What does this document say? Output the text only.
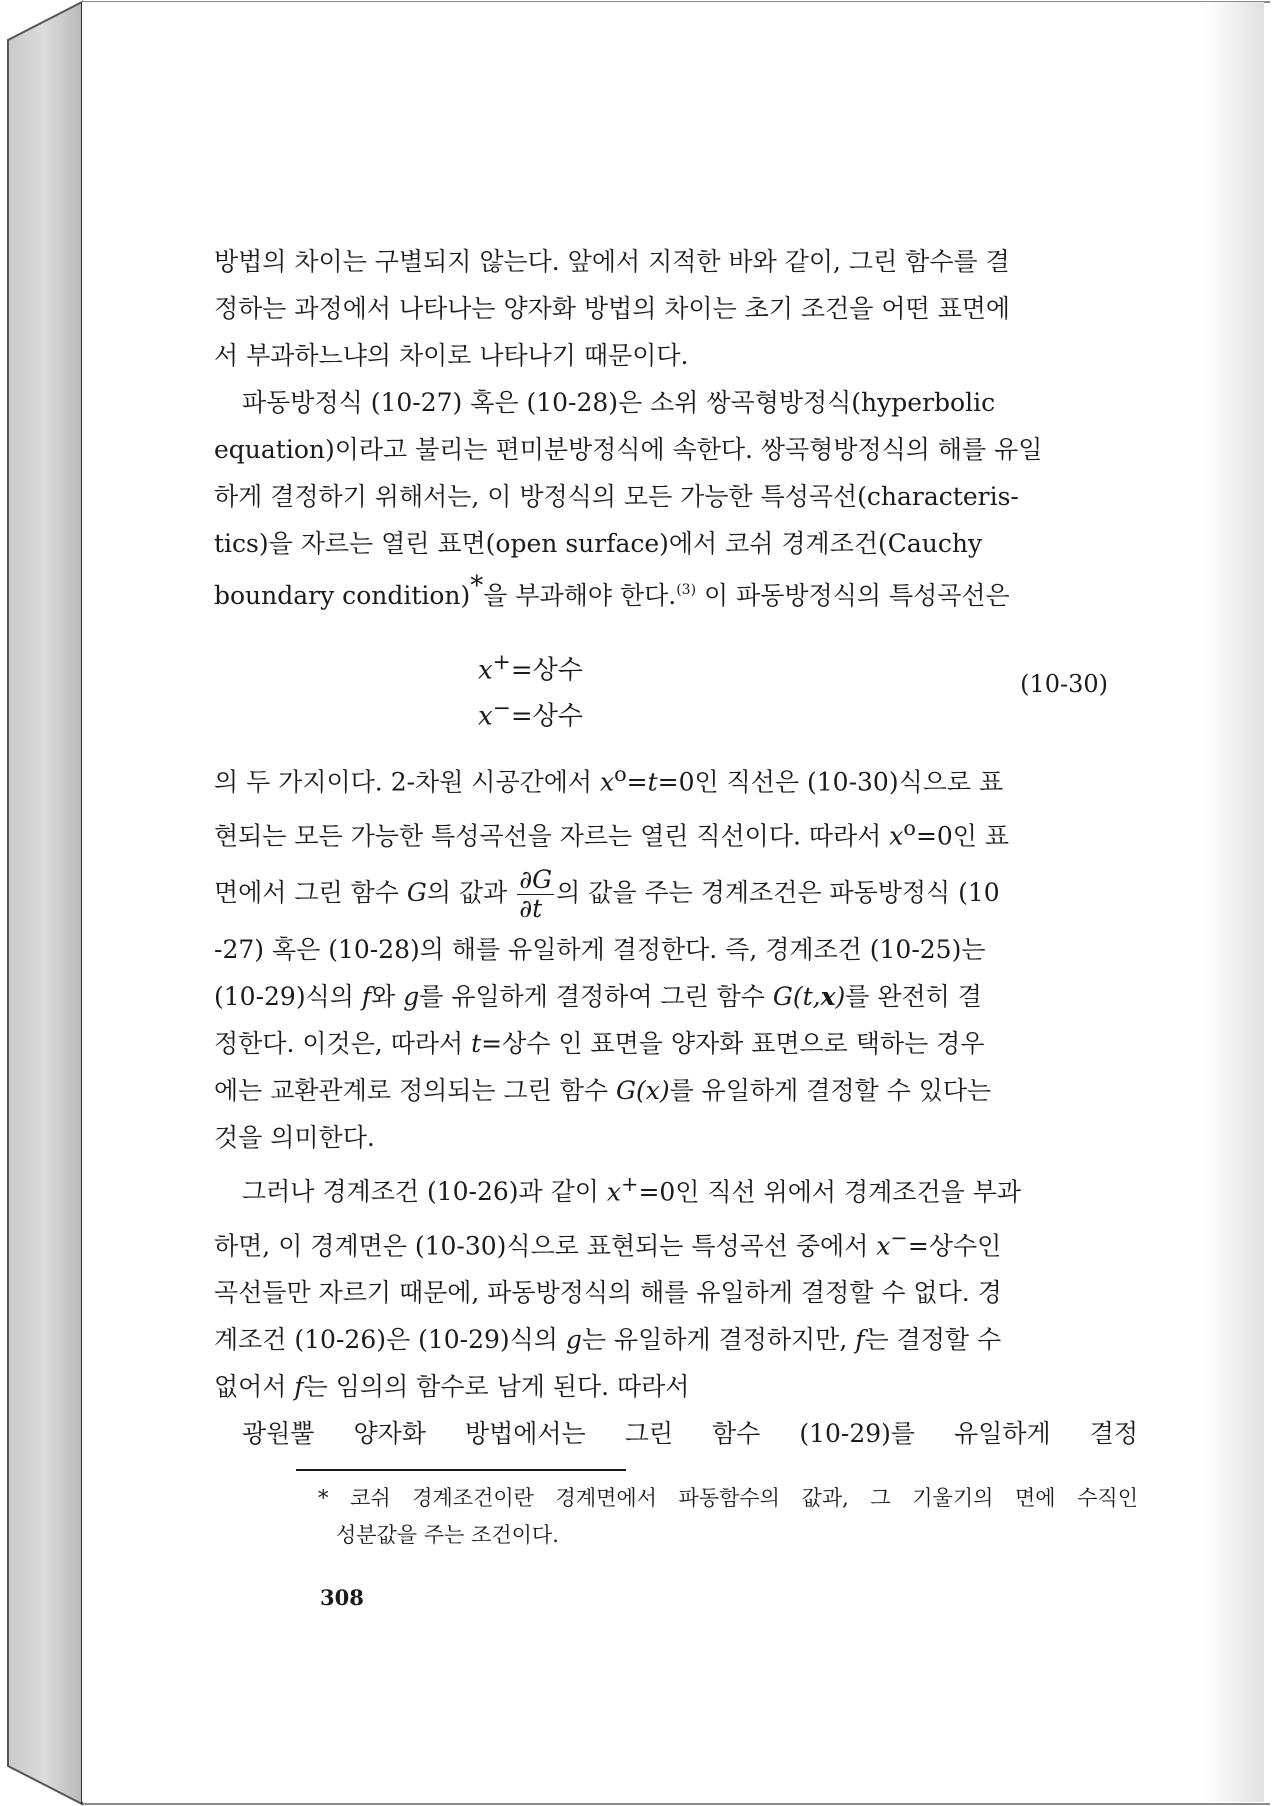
방법의 차이는 구별되지 않는다. 앞에서 지적한 바와 같이, 그린 함수를 결
정하는 과정에서 나타나는 양자화 방법의 차이는 초기 조건을 어떤 표면에
서 부과하느냐의 차이로 나타나기 때문이다.

파동방정식 (10-27) 혹은 (10-28)은 소위 쌍곡형방정식(hyperbolic
equation)이라고 불리는 편미분방정식에 속한다. 쌍곡형방정식의 해를 유일
하게 결정하기 위해서는, 이 방정식의 모든 가능한 특성곡선(characteris-
tics)을 자르는 열린 표면(open surface)에서 코쉬 경계조건(Cauchy
boundary condition)*을 부과해야 한다.$^{(3)}$ 이 파동방정식의 특성곡선은

x+=상수
x−=상수
(10-30)

의 두 가지이다. 2-차원 시공간에서 $x^o=t=0$인 직선은 (10-30)식으로 표
현되는 모든 가능한 특성곡선을 자르는 열린 직선이다. 따라서 $x^o=0$인 표
면에서 그린 함수 G의 값과 $\frac{\partial G}{\partial t}$ 의 값을 주는 경계조건은 파동방정식 (10
-27) 혹은 (10-28)의 해를 유일하게 결정한다. 즉, 경계조건 (10-25)는
(10-29)식의 f와 g를 유일하게 결정하여 그린 함수 G(t,x)를 완전히 결
정한다. 이것은, 따라서 t=상수 인 표면을 양자화 표면으로 택하는 경우
에는 교환관계로 정의되는 그린 함수 G(x)를 유일하게 결정할 수 있다는
것을 의미한다.

그러나 경계조건 (10-26)과 같이 x+=0인 직선 위에서 경계조건을 부과
하면, 이 경계면은 (10-30)식으로 표현되는 특성곡선 중에서 x−=상수인
곡선들만 자르기 때문에, 파동방정식의 해를 유일하게 결정할 수 없다. 경
계조건 (10-26)은 (10-29)식의 g는 유일하게 결정하지만, f는 결정할 수
없어서 f는 임의의 함수로 남게 된다. 따라서

광원뿔 양자화 방법에서는 그린 함수 (10-29)를 유일하게 결정

* 코쉬 경계조건이란 경계면에서 파동함수의 값과, 그 기울기의 면에 수직인
성분값을 주는 조건이다.
308
